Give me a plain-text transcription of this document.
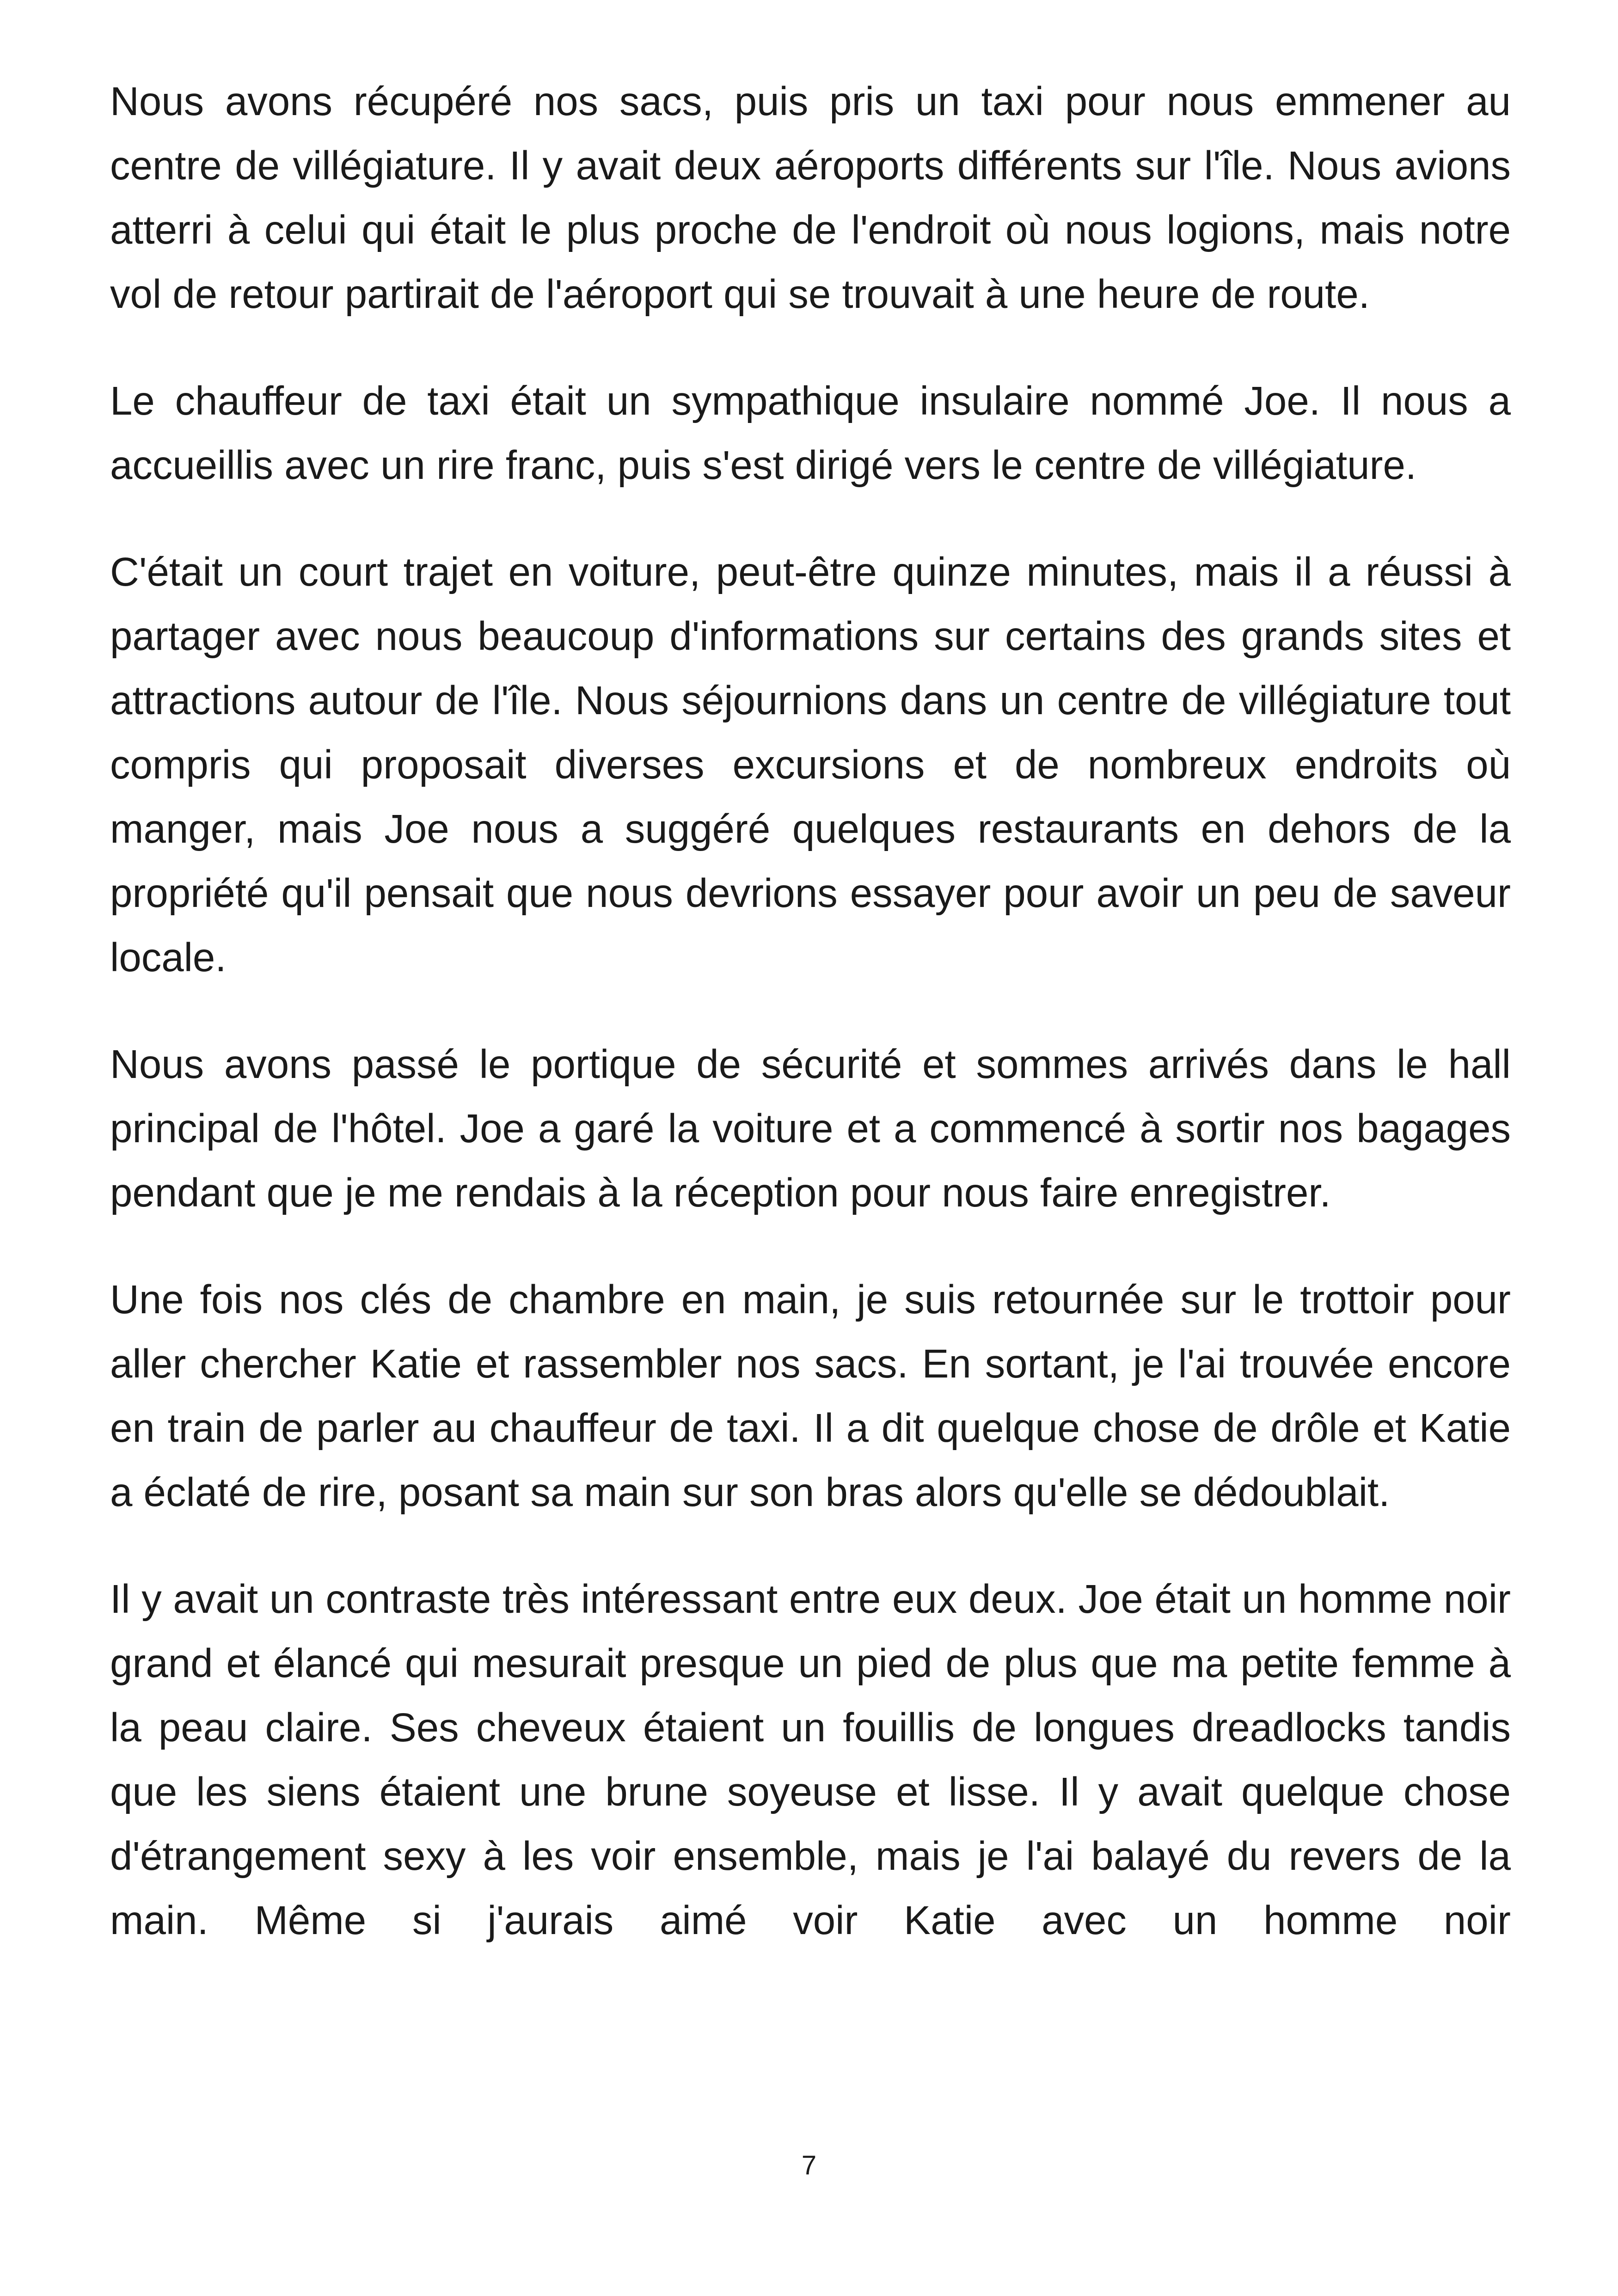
Nous avons récupéré nos sacs, puis pris un taxi pour nous emmener au centre de villégiature. Il y avait deux aéroports différents sur l'île. Nous avions atterri à celui qui était le plus proche de l'endroit où nous logions, mais notre vol de retour partirait de l'aéroport qui se trouvait à une heure de route.

Le chauffeur de taxi était un sympathique insulaire nommé Joe. Il nous a accueillis avec un rire franc, puis s'est dirigé vers le centre de villégiature.

C'était un court trajet en voiture, peut-être quinze minutes, mais il a réussi à partager avec nous beaucoup d'informations sur certains des grands sites et attractions autour de l'île. Nous séjournions dans un centre de villégiature tout compris qui proposait diverses excursions et de nombreux endroits où manger, mais Joe nous a suggéré quelques restaurants en dehors de la propriété qu'il pensait que nous devrions essayer pour avoir un peu de saveur locale.

Nous avons passé le portique de sécurité et sommes arrivés dans le hall principal de l'hôtel. Joe a garé la voiture et a commencé à sortir nos bagages pendant que je me rendais à la réception pour nous faire enregistrer.

Une fois nos clés de chambre en main, je suis retournée sur le trottoir pour aller chercher Katie et rassembler nos sacs. En sortant, je l'ai trouvée encore en train de parler au chauffeur de taxi. Il a dit quelque chose de drôle et Katie a éclaté de rire, posant sa main sur son bras alors qu'elle se dédoublait.

Il y avait un contraste très intéressant entre eux deux. Joe était un homme noir grand et élancé qui mesurait presque un pied de plus que ma petite femme à la peau claire. Ses cheveux étaient un fouillis de longues dreadlocks tandis que les siens étaient une brune soyeuse et lisse. Il y avait quelque chose d'étrangement sexy à les voir ensemble, mais je l'ai balayé du revers de la main. Même si j'aurais aimé voir Katie avec un homme noir

7
